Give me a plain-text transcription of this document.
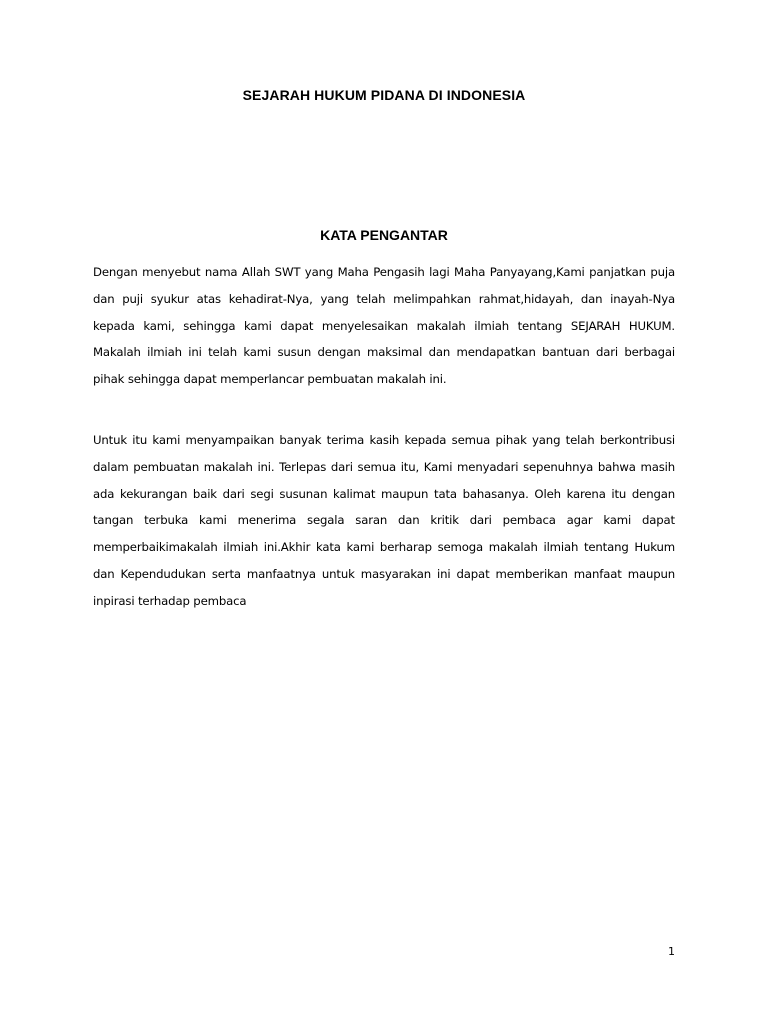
SEJARAH HUKUM PIDANA DI INDONESIA
KATA PENGANTAR

Dengan menyebut nama Allah SWT yang Maha Pengasih lagi Maha Panyayang,Kami panjatkan puja dan puji syukur atas kehadirat-Nya, yang telah melimpahkan rahmat,hidayah, dan inayah-Nya kepada kami, sehingga kami dapat menyelesaikan makalah ilmiah tentang SEJARAH HUKUM. Makalah ilmiah ini telah kami susun dengan maksimal dan mendapatkan bantuan dari berbagai pihak sehingga dapat memperlancar pembuatan makalah ini.

Untuk itu kami menyampaikan banyak terima kasih kepada semua pihak yang telah berkontribusi dalam pembuatan makalah ini. Terlepas dari semua itu, Kami menyadari sepenuhnya bahwa masih ada kekurangan baik dari segi susunan kalimat maupun tata bahasanya. Oleh karena itu dengan tangan terbuka kami menerima segala saran dan kritik dari pembaca agar kami dapat memperbaikimakalah ilmiah ini.Akhir kata kami berharap semoga makalah ilmiah tentang Hukum dan Kependudukan serta manfaatnya untuk masyarakan ini dapat memberikan manfaat maupun inpirasi terhadap pembaca

1
